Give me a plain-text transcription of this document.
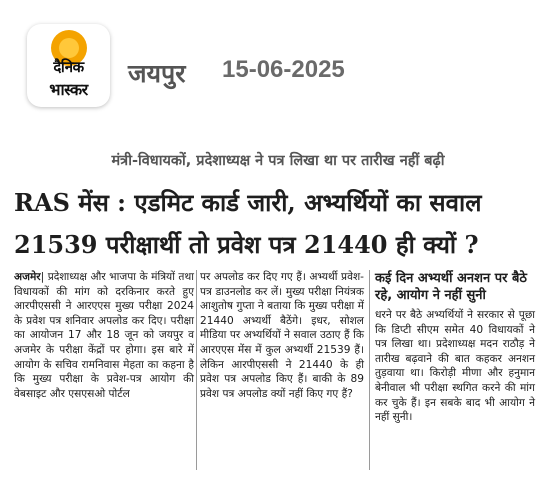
दैनिक
भास्कर
जयपुर 15-06-2025
मंत्री-विधायकों, प्रदेशाध्यक्ष ने पत्र लिखा था पर तारीख नहीं बढ़ी
RAS मेंस : एडमिट कार्ड जारी, अभ्यर्थियों का सवाल
21539 परीक्षार्थी तो प्रवेश पत्र 21440 ही क्यों ?
अजमेर| प्रदेशाध्यक्ष और भाजपा के मंत्रियों तथा विधायकों की मांग को दरकिनार करते हुए आरपीएससी ने आरएएस मुख्य परीक्षा 2024 के प्रवेश पत्र शनिवार अपलोड कर दिए। परीक्षा का आयोजन 17 और 18 जून को जयपुर व अजमेर के परीक्षा केंद्रों पर होगा। इस बारे में आयोग के सचिव रामनिवास मेहता का कहना है कि मुख्य परीक्षा के प्रवेश-पत्र आयोग की वेबसाइट और एसएसओ पोर्टल
पर अपलोड कर दिए गए हैं। अभ्यर्थी प्रवेश-पत्र डाउनलोड कर लें। मुख्य परीक्षा नियंत्रक आशुतोष गुप्ता ने बताया कि मुख्य परीक्षा में 21440 अभ्यर्थी बैठेंगे। इधर, सोशल मीडिया पर अभ्यर्थियों ने सवाल उठाए हैं कि आरएएस मेंस में कुल अभ्यर्थी 21539 हैं। लेकिन आरपीएससी ने 21440 के ही प्रवेश पत्र अपलोड किए हैं। बाकी के 89 प्रवेश पत्र अपलोड क्यों नहीं किए गए हैं?
कई दिन अभ्यर्थी अनशन पर बैठे रहे, आयोग ने नहीं सुनी
धरने पर बैठे अभ्यर्थियों ने सरकार से पूछा कि डिप्टी सीएम समेत 40 विधायकों ने पत्र लिखा था। प्रदेशाध्यक्ष मदन राठौड़ ने तारीख बढ़वाने की बात कहकर अनशन तुड़वाया था। किरोड़ी मीणा और हनुमान बेनीवाल भी परीक्षा स्थगित करने की मांग कर चुके हैं। इन सबके बाद भी आयोग ने नहीं सुनी।
